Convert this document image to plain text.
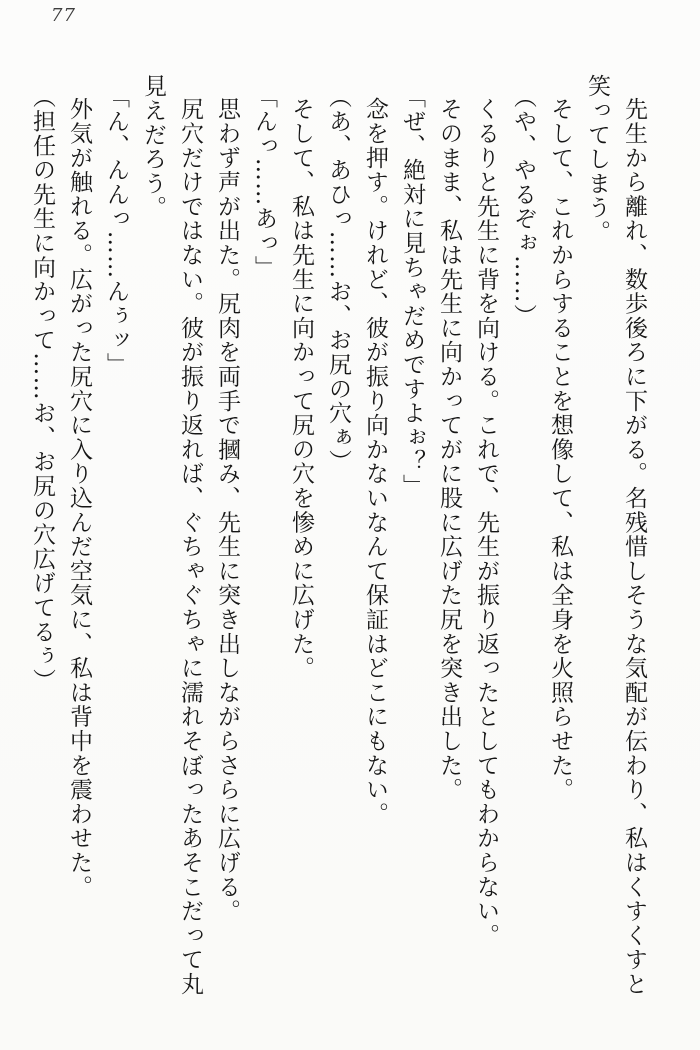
77

先生から離れ、数歩後ろに下がる。名残惜しそうな気配が伝わり、私はくすくすと笑ってしまう。

そして、これからすることを想像して、私は全身を火照らせた。

（や、やるぞぉ……）

くるりと先生に背を向ける。これで、先生が振り返ったとしてもわからない。

そのまま、私は先生に向かってがに股に広げた尻を突き出した。

「ぜ、絶対に見ちゃだめですよぉ？」

念を押す。けれど、彼が振り向かないなんて保証はどこにもない。

（あ、あひっ……お、お尻の穴ぁ）

そして、私は先生に向かって尻の穴を惨めに広げた。

「んっ……あっ」

思わず声が出た。尻肉を両手で摑み、先生に突き出しながらさらに広げる。

尻穴だけではない。彼が振り返れば、ぐちゃぐちゃに濡れそぼったあそこだって丸見えだろう。

「ん、んんっ……んぅッ」

外気が触れる。広がった尻穴に入り込んだ空気に、私は背中を震わせた。

（担任の先生に向かって……お、お尻の穴広げてるぅ）
